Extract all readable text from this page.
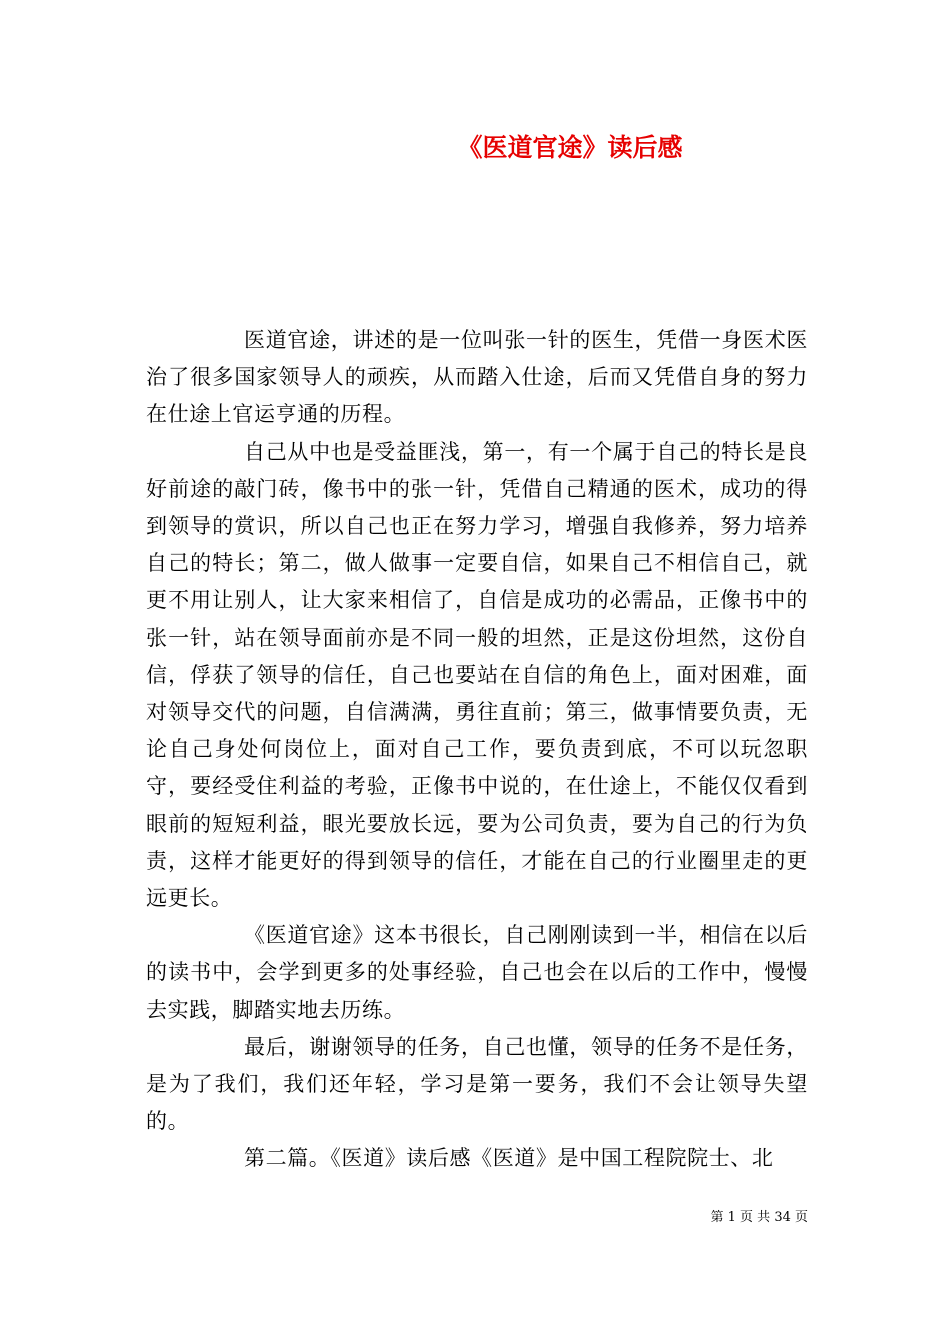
《医道官途》读后感

医道官途，讲述的是一位叫张一针的医生，凭借一身医术医治了很多国家领导人的顽疾，从而踏入仕途，后而又凭借自身的努力在仕途上官运亨通的历程。

自己从中也是受益匪浅，第一，有一个属于自己的特长是良好前途的敲门砖，像书中的张一针，凭借自己精通的医术，成功的得到领导的赏识，所以自己也正在努力学习，增强自我修养，努力培养自己的特长；第二，做人做事一定要自信，如果自己不相信自己，就更不用让别人，让大家来相信了，自信是成功的必需品，正像书中的张一针，站在领导面前亦是不同一般的坦然，正是这份坦然，这份自信，俘获了领导的信任，自己也要站在自信的角色上，面对困难，面对领导交代的问题，自信满满，勇往直前；第三，做事情要负责，无论自己身处何岗位上，面对自己工作，要负责到底，不可以玩忽职守，要经受住利益的考验，正像书中说的，在仕途上，不能仅仅看到眼前的短短利益，眼光要放长远，要为公司负责，要为自己的行为负责，这样才能更好的得到领导的信任，才能在自己的行业圈里走的更远更长。

《医道官途》这本书很长，自己刚刚读到一半，相信在以后的读书中，会学到更多的处事经验，自己也会在以后的工作中，慢慢去实践，脚踏实地去历练。

最后，谢谢领导的任务，自己也懂，领导的任务不是任务，是为了我们，我们还年轻，学习是第一要务，我们不会让领导失望的。

第二篇。《医道》读后感《医道》是中国工程院院士、北

第 1 页 共 34 页
